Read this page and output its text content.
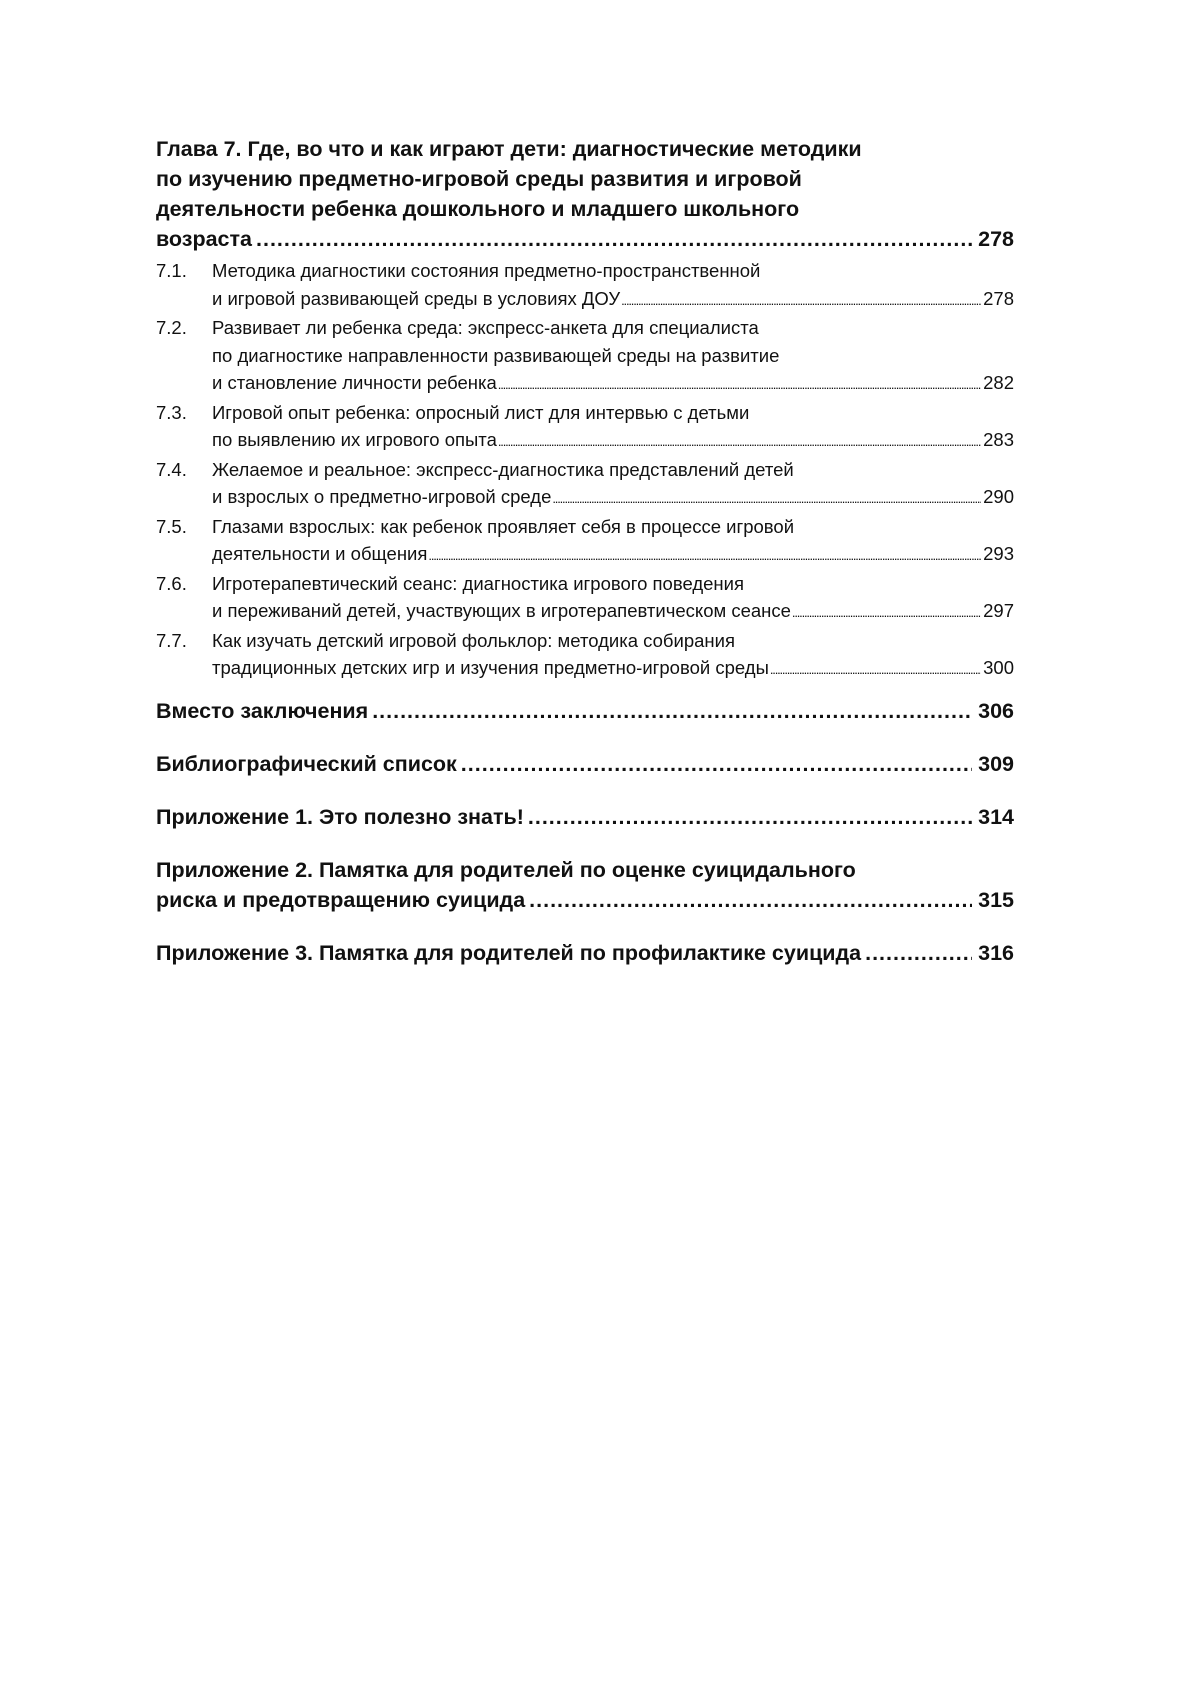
Глава 7. Где, во что и как играют дети: диагностические методики
по изучению предметно-игровой среды развития и игровой
деятельности ребенка дошкольного и младшего школьного
возраста .....	278
7.1.	Методика диагностики состояния предметно-пространственной
и игровой развивающей среды в условиях ДОУ .....	278
7.2.	Развивает ли ребенка среда: экспресс-анкета для специалиста
по диагностике направленности развивающей среды на развитие
и становление личности ребенка .....	282
7.3.	Игровой опыт ребенка: опросный лист для интервью с детьми
по выявлению их игрового опыта .....	283
7.4.	Желаемое и реальное: экспресс-диагностика представлений детей
и взрослых о предметно-игровой среде .....	290
7.5.	Глазами взрослых: как ребенок проявляет себя в процессе игровой
деятельности и общения .....	293
7.6.	Игротерапевтический сеанс: диагностика игрового поведения
и переживаний детей, участвующих в игротерапевтическом сеансе .....	297
7.7.	Как изучать детский игровой фольклор: методика собирания
традиционных детских игр и изучения предметно-игровой среды .....	300
Вместо заключения .....	306
Библиографический список .....	309
Приложение 1. Это полезно знать! .....	314
Приложение 2. Памятка для родителей по оценке суицидального
риска и предотвращению суицида .....	315
Приложение 3. Памятка для родителей по профилактике суицида .....	316
